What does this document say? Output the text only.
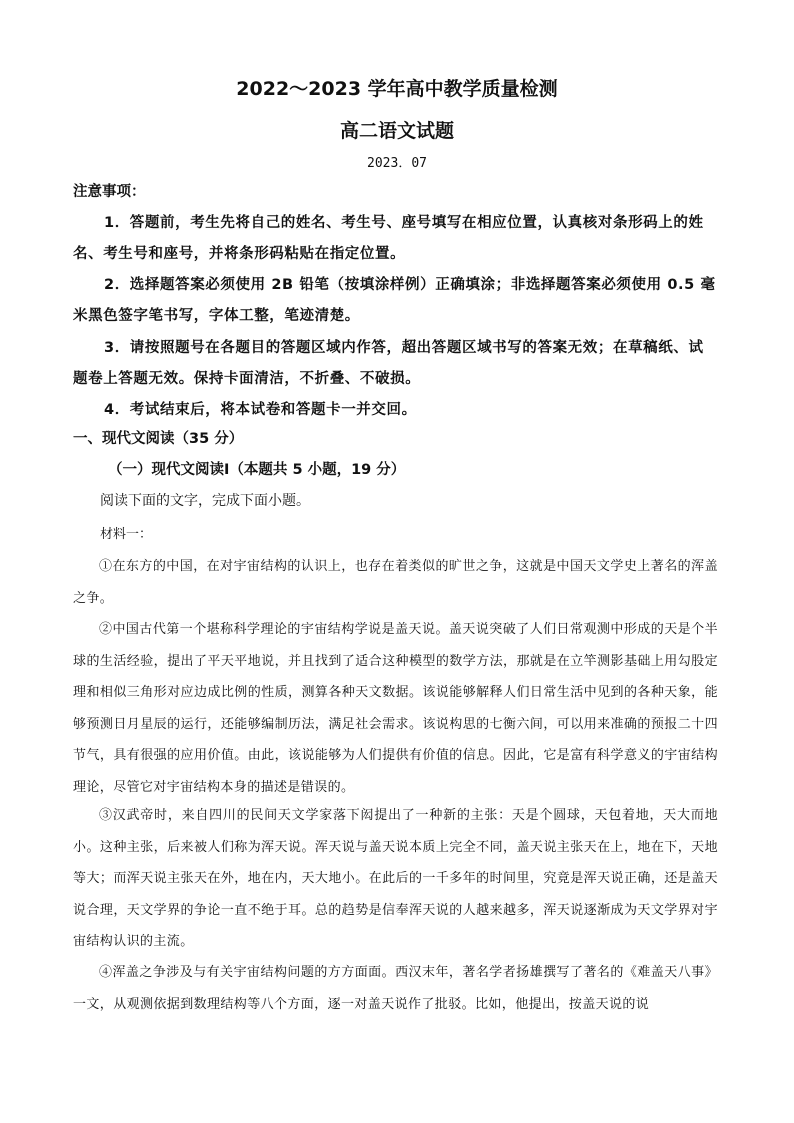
2022～2023 学年高中教学质量检测
高二语文试题
2023．07
注意事项：
1．答题前，考生先将自己的姓名、考生号、座号填写在相应位置，认真核对条形码上的姓名、考生号和座号，并将条形码粘贴在指定位置。
2．选择题答案必须使用 2B 铅笔（按填涂样例）正确填涂；非选择题答案必须使用 0.5 毫米黑色签字笔书写，字体工整，笔迹清楚。
3．请按照题号在各题目的答题区域内作答，超出答题区域书写的答案无效；在草稿纸、试题卷上答题无效。保持卡面清洁，不折叠、不破损。
4．考试结束后，将本试卷和答题卡一并交回。
一、现代文阅读（35 分）
（一）现代文阅读Ⅰ（本题共 5 小题，19 分）
阅读下面的文字，完成下面小题。
材料一：
①在东方的中国，在对宇宙结构的认识上，也存在着类似的旷世之争，这就是中国天文学史上著名的浑盖之争。
②中国古代第一个堪称科学理论的宇宙结构学说是盖天说。盖天说突破了人们日常观测中形成的天是个半球的生活经验，提出了平天平地说，并且找到了适合这种模型的数学方法，那就是在立竿测影基础上用勾股定理和相似三角形对应边成比例的性质，测算各种天文数据。该说能够解释人们日常生活中见到的各种天象，能够预测日月星辰的运行，还能够编制历法，满足社会需求。该说构思的七衡六间，可以用来准确的预报二十四节气，具有很强的应用价值。由此，该说能够为人们提供有价值的信息。因此，它是富有科学意义的宇宙结构理论，尽管它对宇宙结构本身的描述是错误的。
③汉武帝时，来自四川的民间天文学家落下闳提出了一种新的主张：天是个圆球，天包着地，天大而地小。这种主张，后来被人们称为浑天说。浑天说与盖天说本质上完全不同，盖天说主张天在上，地在下，天地等大；而浑天说主张天在外，地在内，天大地小。在此后的一千多年的时间里，究竟是浑天说正确，还是盖天说合理，天文学界的争论一直不绝于耳。总的趋势是信奉浑天说的人越来越多，浑天说逐渐成为天文学界对宇宙结构认识的主流。
④浑盖之争涉及与有关宇宙结构问题的方方面面。西汉末年，著名学者扬雄撰写了著名的《难盖天八事》一文，从观测依据到数理结构等八个方面，逐一对盖天说作了批驳。比如，他提出，按盖天说的说
